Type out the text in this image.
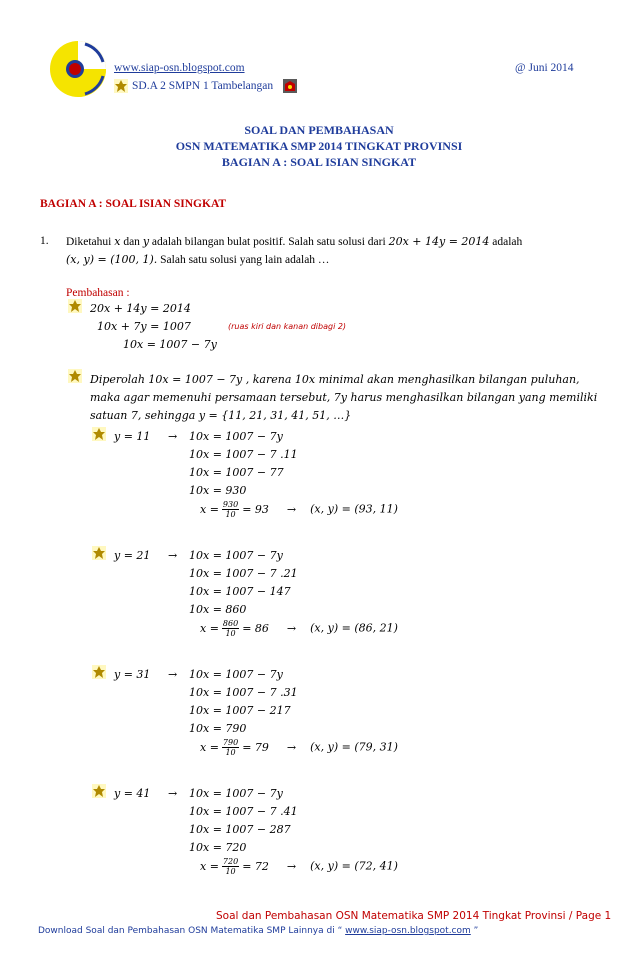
www.siap-osn.blogspot.com	@ Juni 2014
SD.A 2 SMPN 1 Tambelangan
SOAL DAN PEMBAHASAN
OSN MATEMATIKA SMP 2014 TINGKAT PROVINSI
BAGIAN A : SOAL ISIAN SINGKAT
BAGIAN A : SOAL ISIAN SINGKAT
1. Diketahui x dan y adalah bilangan bulat positif. Salah satu solusi dari 20x + 14y = 2014 adalah
(x, y) = (100, 1). Salah satu solusi yang lain adalah …
Pembahasan :
20x + 14y = 2014
10x + 7y = 1007	(ruas kiri dan kanan dibagi 2)
10x = 1007 − 7y
Diperolah 10x = 1007 − 7y , karena 10x minimal akan menghasilkan bilangan puluhan,
maka agar memenuhi persamaan tersebut, 7y harus menghasilkan bilangan yang memiliki
satuan 7, sehingga y = {11, 21, 31, 41, 51, …}
y = 11 → 10x = 1007 − 7y
10x = 1007 − 7 .11
10x = 1007 − 77
10x = 930
$x = \frac{930}{10} = 93 \to (x$, y) = (93, 11)
y = 21 → 10x = 1007 − 7y
10x = 1007 − 7 .21
10x = 1007 − 147
10x = 860
$x = \frac{860}{10} = 86 \to (x$, y) = (86, 21)
y = 31 → 10x = 1007 − 7y
10x = 1007 − 7 .31
10x = 1007 − 217
10x = 790
$x = \frac{790}{10} = 79 \to (x$, y) = (79, 31)
y = 41 → 10x = 1007 − 7y
10x = 1007 − 7 .41
10x = 1007 − 287
10x = 720
$x = \frac{720}{10} = 72 \to (x$, y) = (72, 41)
Soal dan Pembahasan OSN Matematika SMP 2014 Tingkat Provinsi / Page 1
Download Soal dan Pembahasan OSN Matematika SMP Lainnya di “ www.siap-osn.blogspot.com ”
